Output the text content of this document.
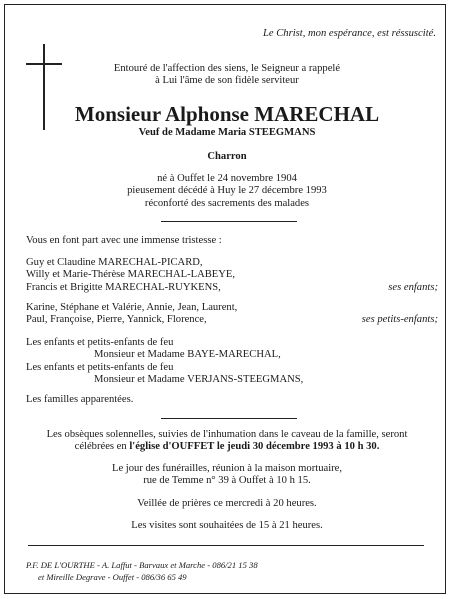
Le Christ, mon espérance, est réssuscité.
Entouré de l'affection des siens, le Seigneur a rappelé
à Lui l'âme de son fidèle serviteur
Monsieur Alphonse MARECHAL
Veuf de Madame Maria STEEGMANS
Charron
né à Ouffet le 24 novembre 1904
pieusement décédé à Huy le 27 décembre 1993
réconforté des sacrements des malades
Vous en font part avec une immense tristesse :
Guy et Claudine MARECHAL-PICARD,
Willy et Marie-Thérèse MARECHAL-LABEYE,
Francis et Brigitte MARECHAL-RUYKENS,	ses enfants;
Karine, Stéphane et Valérie, Annie, Jean, Laurent,
Paul, Françoise, Pierre, Yannick, Florence,	ses petits-enfants;
Les enfants et petits-enfants de feu
Monsieur et Madame BAYE-MARECHAL,
Les enfants et petits-enfants de feu
Monsieur et Madame VERJANS-STEEGMANS,
Les familles apparentées.
Les obsèques solennelles, suivies de l'inhumation dans le caveau de la famille, seront
célébrées en l'église d'OUFFET le jeudi 30 décembre 1993 à 10 h 30.
Le jour des funérailles, réunion à la maison mortuaire,
rue de Temme n° 39 à Ouffet à 10 h 15.
Veillée de prières ce mercredi à 20 heures.
Les visites sont souhaitées de 15 à 21 heures.
P.F. DE L'OURTHE - A. Laffut - Barvaux et Marche - 086/21 15 38
et Mireille Degrave - Ouffet - 086/36 65 49
